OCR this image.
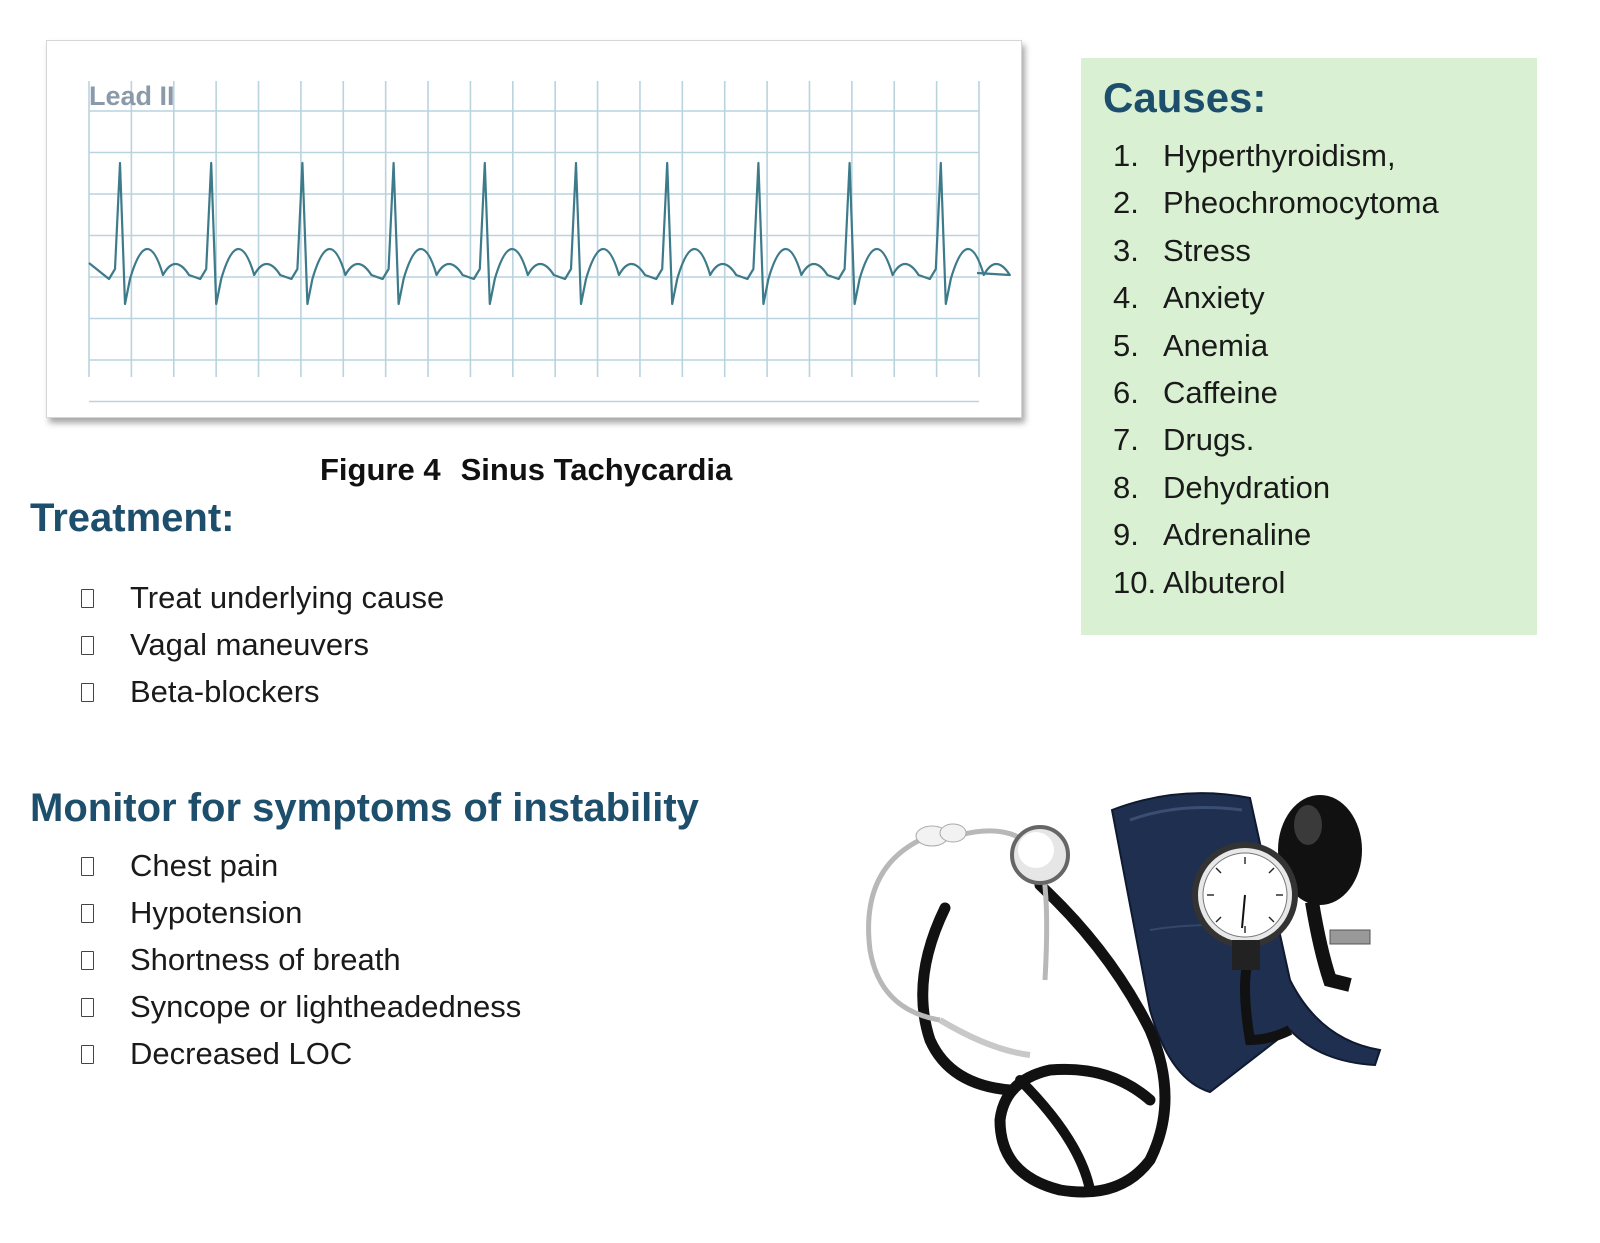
Lead II
Figure 4 Sinus Tachycardia
Treatment:
Treat underlying cause
Vagal maneuvers
Beta-blockers
Monitor for symptoms of instability
Chest pain
Hypotension
Shortness of breath
Syncope or lightheadedness
Decreased LOC
Causes:
1. Hyperthyroidism,
2. Pheochromocytoma
3. Stress
4. Anxiety
5. Anemia
6. Caffeine
7. Drugs.
8. Dehydration
9. Adrenaline
10. Albuterol
